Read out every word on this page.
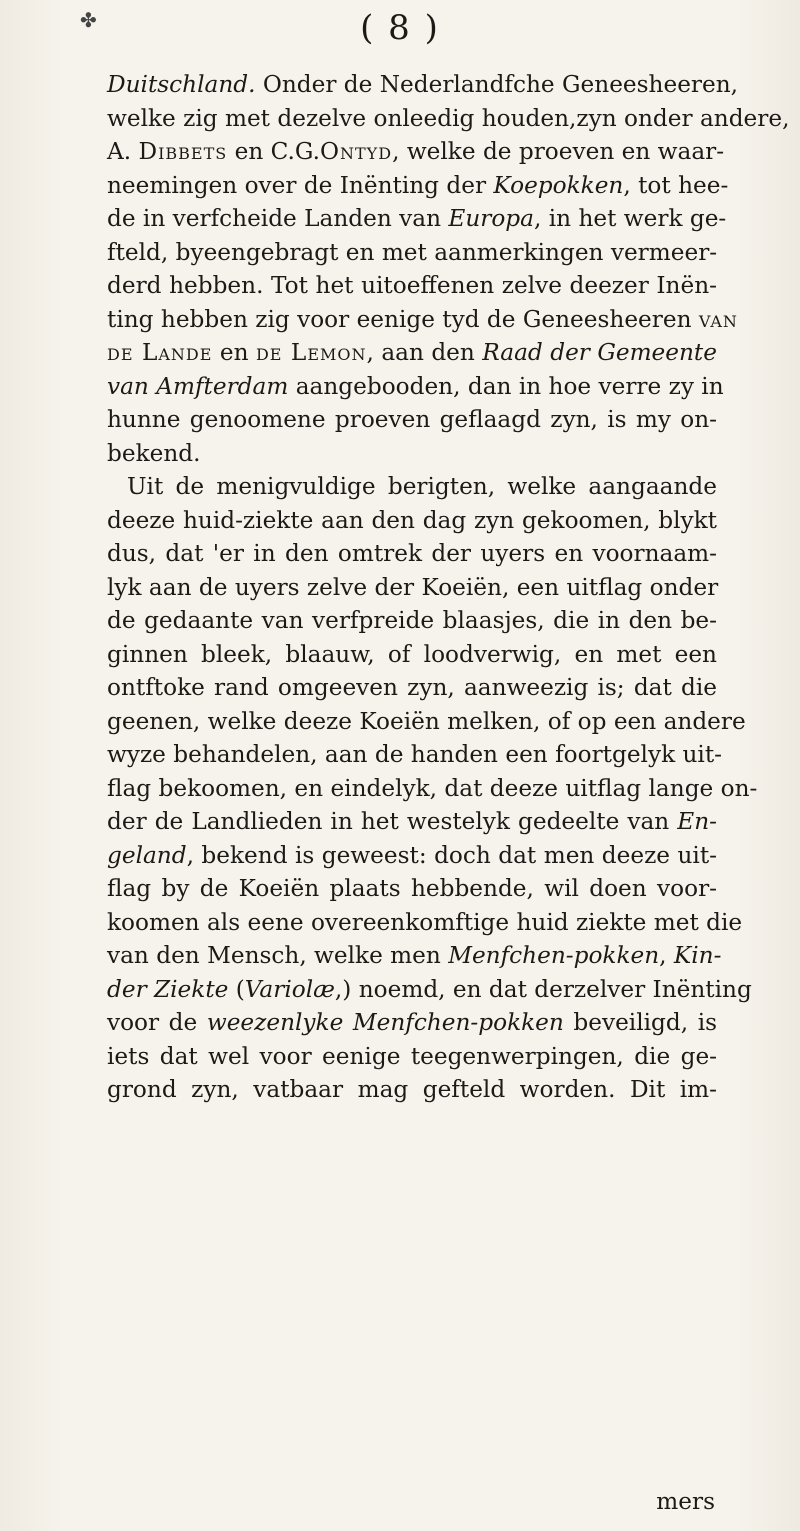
✤	( 8 )
Duitschland. Onder de Nederlandfche Geneesheeren,
welke zig met dezelve onleedig houden,zyn onder andere,
A. Dibbets en C.G.Ontyd, welke de proeven en waar-
neemingen over de Inënting der Koepokken, tot hee-
de in verfcheide Landen van Europa, in het werk ge-
fteld, byeengebragt en met aanmerkingen vermeer-
derd hebben. Tot het uitoeffenen zelve deezer Inën-
ting hebben zig voor eenige tyd de Geneesheeren van
de Lande en de Lemon, aan den Raad der Gemeente
van Amfterdam aangebooden, dan in hoe verre zy in
hunne genoomene proeven geflaagd zyn, is my on-
bekend.
Uit de menigvuldige berigten, welke aangaande
deeze huid-ziekte aan den dag zyn gekoomen, blykt
dus, dat 'er in den omtrek der uyers en voornaam-
lyk aan de uyers zelve der Koeiën, een uitflag onder
de gedaante van verfpreide blaasjes, die in den be-
ginnen bleek, blaauw, of loodverwig, en met een
ontftoke rand omgeeven zyn, aanweezig is; dat die
geenen, welke deeze Koeiën melken, of op een andere
wyze behandelen, aan de handen een foortgelyk uit-
flag bekoomen, en eindelyk, dat deeze uitflag lange on-
der de Landlieden in het westelyk gedeelte van En-
geland, bekend is geweest: doch dat men deeze uit-
flag by de Koeiën plaats hebbende, wil doen voor-
koomen als eene overeenkomftige huid ziekte met die
van den Mensch, welke men Menfchen-pokken, Kin-
der Ziekte (Variolæ,) noemd, en dat derzelver Inënting
voor de weezenlyke Menfchen-pokken beveiligd, is
iets dat wel voor eenige teegenwerpingen, die ge-
grond zyn, vatbaar mag gefteld worden. Dit im-
mers
